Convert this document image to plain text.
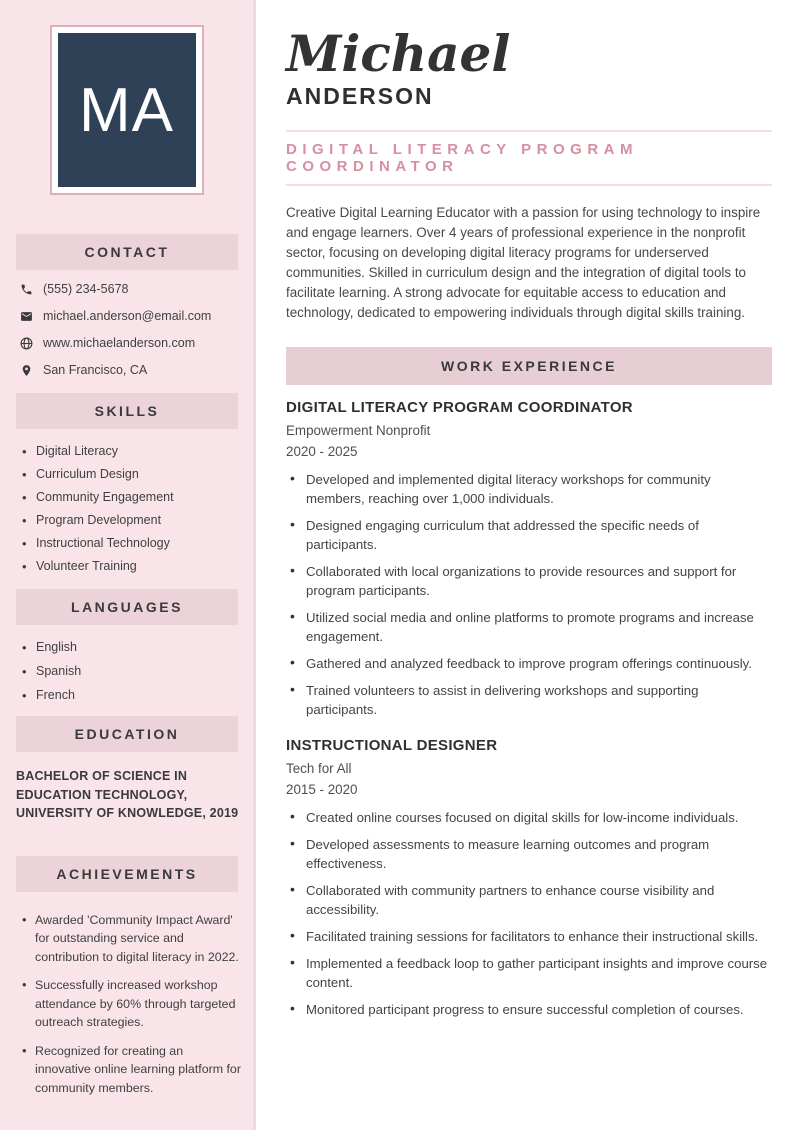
MA
CONTACT
(555) 234-5678
michael.anderson@email.com
www.michaelanderson.com
San Francisco, CA
SKILLS
• Digital Literacy
• Curriculum Design
• Community Engagement
• Program Development
• Instructional Technology
• Volunteer Training
LANGUAGES
• English
• Spanish
• French
EDUCATION

BACHELOR OF SCIENCE IN EDUCATION TECHNOLOGY, UNIVERSITY OF KNOWLEDGE, 2019

ACHIEVEMENTS
• Awarded 'Community Impact Award' for outstanding service and contribution to digital literacy in 2022.
• Successfully increased workshop attendance by 60% through targeted outreach strategies.
• Recognized for creating an innovative online learning platform for community members.
Michael
ANDERSON
DIGITAL LITERACY PROGRAM COORDINATOR

Creative Digital Learning Educator with a passion for using technology to inspire and engage learners. Over 4 years of professional experience in the nonprofit sector, focusing on developing digital literacy programs for underserved communities. Skilled in curriculum design and the integration of digital tools to facilitate learning. A strong advocate for equitable access to education and technology, dedicated to empowering individuals through digital skills training.

WORK EXPERIENCE
DIGITAL LITERACY PROGRAM COORDINATOR
Empowerment Nonprofit
2020 - 2025
• Developed and implemented digital literacy workshops for community members, reaching over 1,000 individuals.
• Designed engaging curriculum that addressed the specific needs of participants.
• Collaborated with local organizations to provide resources and support for program participants.
• Utilized social media and online platforms to promote programs and increase engagement.
• Gathered and analyzed feedback to improve program offerings continuously.
• Trained volunteers to assist in delivering workshops and supporting participants.
INSTRUCTIONAL DESIGNER
Tech for All
2015 - 2020
• Created online courses focused on digital skills for low-income individuals.
• Developed assessments to measure learning outcomes and program effectiveness.
• Collaborated with community partners to enhance course visibility and accessibility.
• Facilitated training sessions for facilitators to enhance their instructional skills.
• Implemented a feedback loop to gather participant insights and improve course content.
• Monitored participant progress to ensure successful completion of courses.
